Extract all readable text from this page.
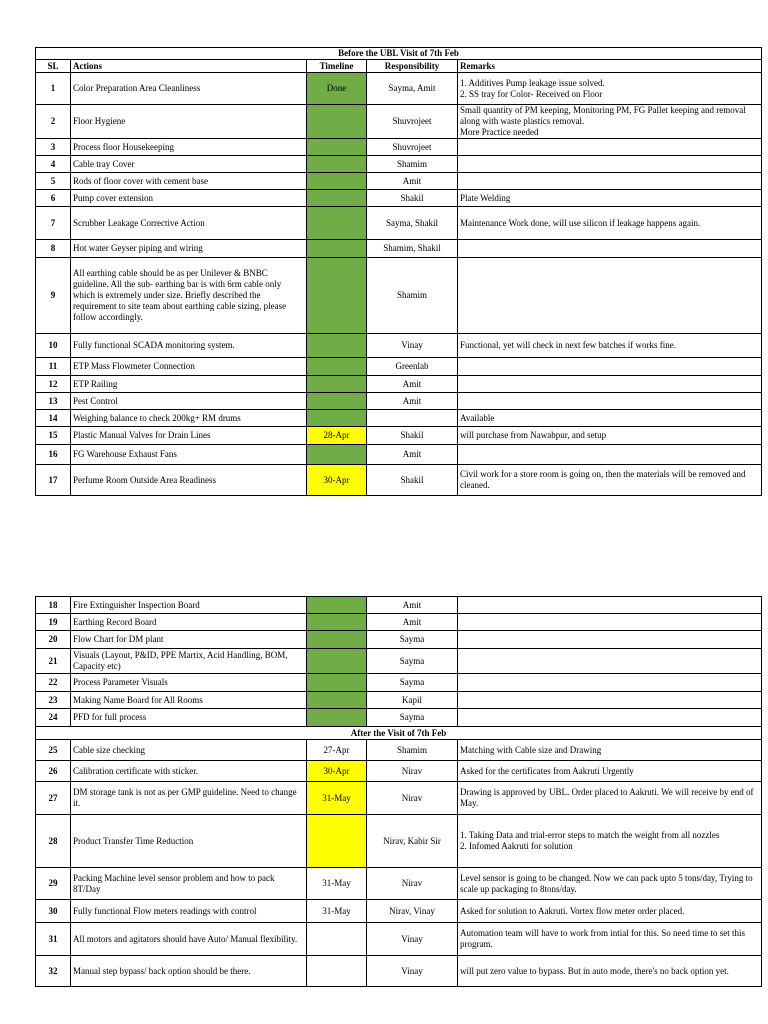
Before the UBL Visit of 7th Feb				
SL	Actions	Timeline	Responsibility	Remarks
1	Color Preparation Area Cleanliness	Done	Sayma, Amit	1. Additives Pump leakage issue solved.
2. SS tray for Color- Received on Floor
2	Floor Hygiene		Shuvrojeet	Small quantity of PM keeping, Monitoring PM, FG Pallet keeping and removal along with waste plastics removal.
More Practice needed
3	Process floor Housekeeping		Shuvrojeet	
4	Cable tray Cover		Shamim	
5	Rods of floor cover with cement base		Amit	
6	Pump cover extension		Shakil	Plate Welding
7	Scrubber Leakage Corrective Action		Sayma, Shakil	Maintenance Work done, will use silicon if leakage happens again.
8	Hot water Geyser piping and wiring		Shamim, Shakil	
9	All earthing cable should be as per Unilever & BNBC guideline. All the sub- earthing bar is with 6rm cable only which is extremely under size. Briefly described the requirement to site team about earthing cable sizing, please follow accordingly.		Shamim	
10	Fully functional SCADA monitoring system.		Vinay	Functional, yet will check in next few batches if works fine.
11	ETP Mass Flowmeter Connection		Greenlab	
12	ETP Railing		Amit	
13	Pest Control		Amit	
14	Weighing balance to check 200kg+ RM drums			Available
15	Plastic Manual Valves for Drain Lines	28-Apr	Shakil	will purchase from Nawabpur, and setup
16	FG Warehouse Exhaust Fans		Amit	
17	Perfume Room Outside Area Readiness	30-Apr	Shakil	Civil work for a store room is going on, then the materials will be removed and cleaned.
18	Fire Extinguisher Inspection Board		Amit	
19	Earthing Record Board		Amit	
20	Flow Chart for DM plant		Sayma	
21	Visuals (Layout, P&ID, PPE Martix, Acid Handling, BOM, Capacity etc)		Sayma	
22	Process Parameter Visuals		Sayma	
23	Making Name Board for All Rooms		Kapil	
24	PFD for full process		Sayma	
After the Visit of 7th Feb				
25	Cable size checking	27-Apr	Shamim	Matching with Cable size and Drawing
26	Calibration certificate with sticker.	30-Apr	Nirav	Asked for the certificates from Aakruti Urgently
27	DM storage tank is not as per GMP guideline. Need to change it.	31-May	Nirav	Drawing is approved by UBL. Order placed to Aakruti. We will receive by end of May.
28	Product Transfer Time Reduction		Nirav, Kabir Sir	1. Taking Data and trial-error steps to match the weight from all nozzles
2. Infomed Aakruti for solution
29	Packing Machine level sensor problem and how to pack 8T/Day	31-May	Nirav	Level sensor is going to be changed. Now we can pack upto 5 tons/day, Trying to scale up packaging to 8tons/day.
30	Fully functional Flow meters readings with control	31-May	Nirav, Vinay	Asked for solution to Aakruti. Vortex flow meter order placed.
31	All motors and agitators should have Auto/ Manual flexibility.		Vinay	Automation team will have to work from intial for this. So need time to set this program.
32	Manual step bypass/ back option should be there.		Vinay	will put zero value to bypass. But in auto mode, there's no back option yet.
